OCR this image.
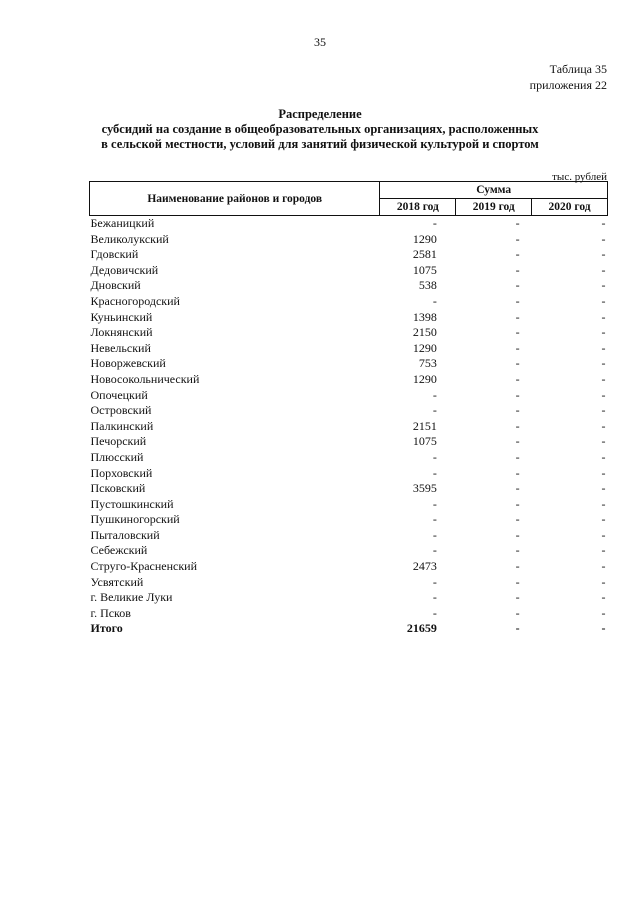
35
Таблица 35
приложения 22
Распределение
субсидий на создание в общеобразовательных организациях, расположенных
в сельской местности, условий для занятий физической культурой и спортом
тыс. рублей
Наименование районов и городов	Сумма		
	2018 год	2019 год	2020 год
Бежаницкий	-	-	-
Великолукский	1290	-	-
Гдовский	2581	-	-
Дедовичский	1075	-	-
Дновский	538	-	-
Красногородский	-	-	-
Куньинский	1398	-	-
Локнянский	2150	-	-
Невельский	1290	-	-
Новоржевский	753	-	-
Новосокольнический	1290	-	-
Опочецкий	-	-	-
Островский	-	-	-
Палкинский	2151	-	-
Печорский	1075	-	-
Плюсский	-	-	-
Порховский	-	-	-
Псковский	3595	-	-
Пустошкинский	-	-	-
Пушкиногорский	-	-	-
Пыталовский	-	-	-
Себежский	-	-	-
Струго-Красненский	2473	-	-
Усвятский	-	-	-
г. Великие Луки	-	-	-
г. Псков	-	-	-
Итого	21659	-	-
